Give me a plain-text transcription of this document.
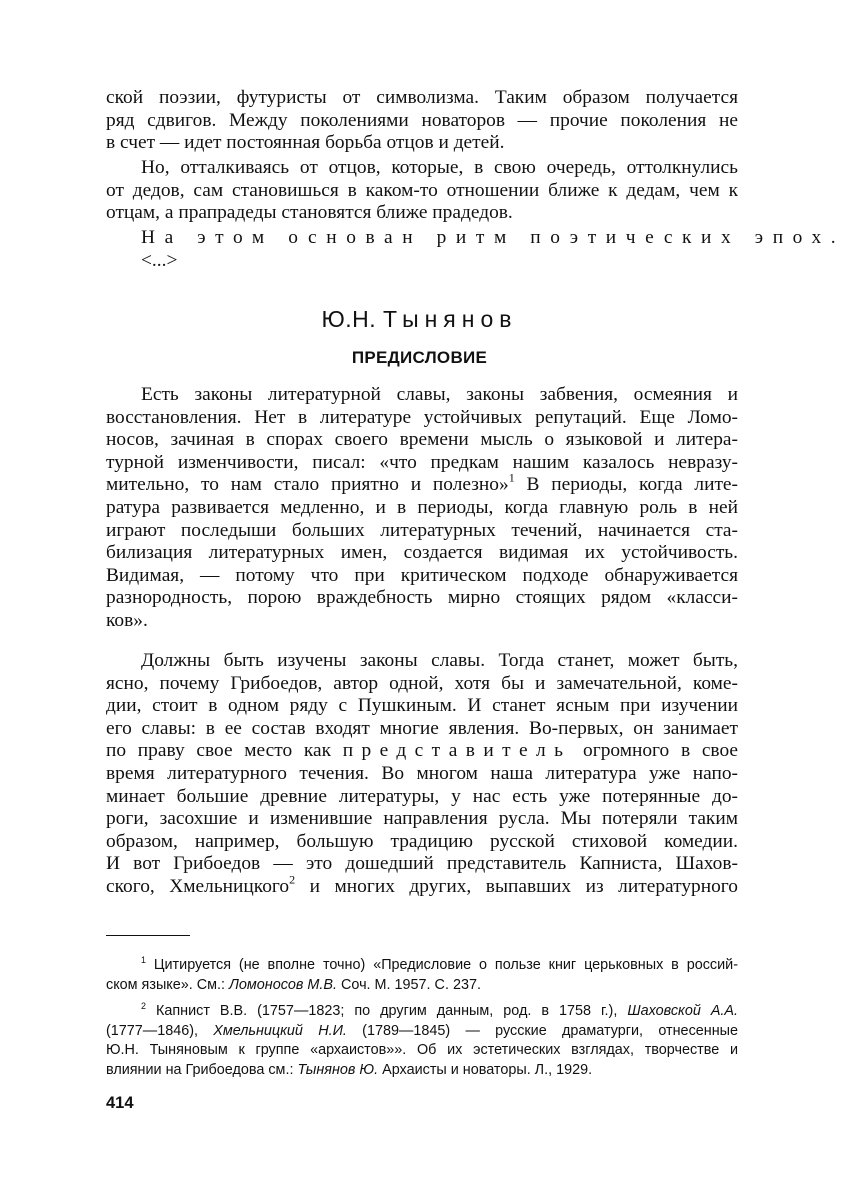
ской поэзии, футуристы от символизма. Таким образом получается
ряд сдвигов. Между поколениями новаторов — прочие поколения не
в счет — идет постоянная борьба отцов и детей.
Но, отталкиваясь от отцов, которые, в свою очередь, оттолкнулись
от дедов, сам становишься в каком-то отношении ближе к дедам, чем к
отцам, а прапрадеды становятся ближе прадедов.
На этом основан ритм поэтических эпох.
<...>
Ю.Н. Тынянов
ПРЕДИСЛОВИЕ
Есть законы литературной славы, законы забвения, осмеяния и
восстановления. Нет в литературе устойчивых репутаций. Еще Ломо-
носов, зачиная в спорах своего времени мысль о языковой и литера-
турной изменчивости, писал: «что предкам нашим казалось невразу-
мительно, то нам стало приятно и полезно»$^1$ В периоды, когда лите-
ратура развивается медленно, и в периоды, когда главную роль в ней
играют последыши больших литературных течений, начинается ста-
билизация литературных имен, создается видимая их устойчивость.
Видимая, — потому что при критическом подходе обнаруживается
разнородность, порою враждебность мирно стоящих рядом «класси-
ков».
Должны быть изучены законы славы. Тогда станет, может быть,
ясно, почему Грибоедов, автор одной, хотя бы и замечательной, коме-
дии, стоит в одном ряду с Пушкиным. И станет ясным при изучении
его славы: в ее состав входят многие явления. Во-первых, он занимает
по праву свое место как представитель огромного в свое
время литературного течения. Во многом наша литература уже напо-
минает большие древние литературы, у нас есть уже потерянные до-
роги, засохшие и изменившие направления русла. Мы потеряли таким
образом, например, большую традицию русской стиховой комедии.
И вот Грибоедов — это дошедший представитель Капниста, Шахов-
ского, Хмельницкого$^2$ и многих других, выпавших из литературного
$^1$ Цитируется (не вполне точно) «Предисловие о пользе книг церьковных в россий-
ском языке». См.: Ломоносов М.В. Соч. М. 1957. С. 237.
$^2$ Капнист В.В. (1757—1823; по другим данным, род. в 1758 г.), Шаховской А.А.
(1777—1846), Хмельницкий Н.И. (1789—1845) — русские драматурги, отнесенные
Ю.Н. Тыняновым к группе «архаистов»». Об их эстетических взглядах, творчестве и
влиянии на Грибоедова см.: Тынянов Ю. Архаисты и новаторы. Л., 1929.
414
